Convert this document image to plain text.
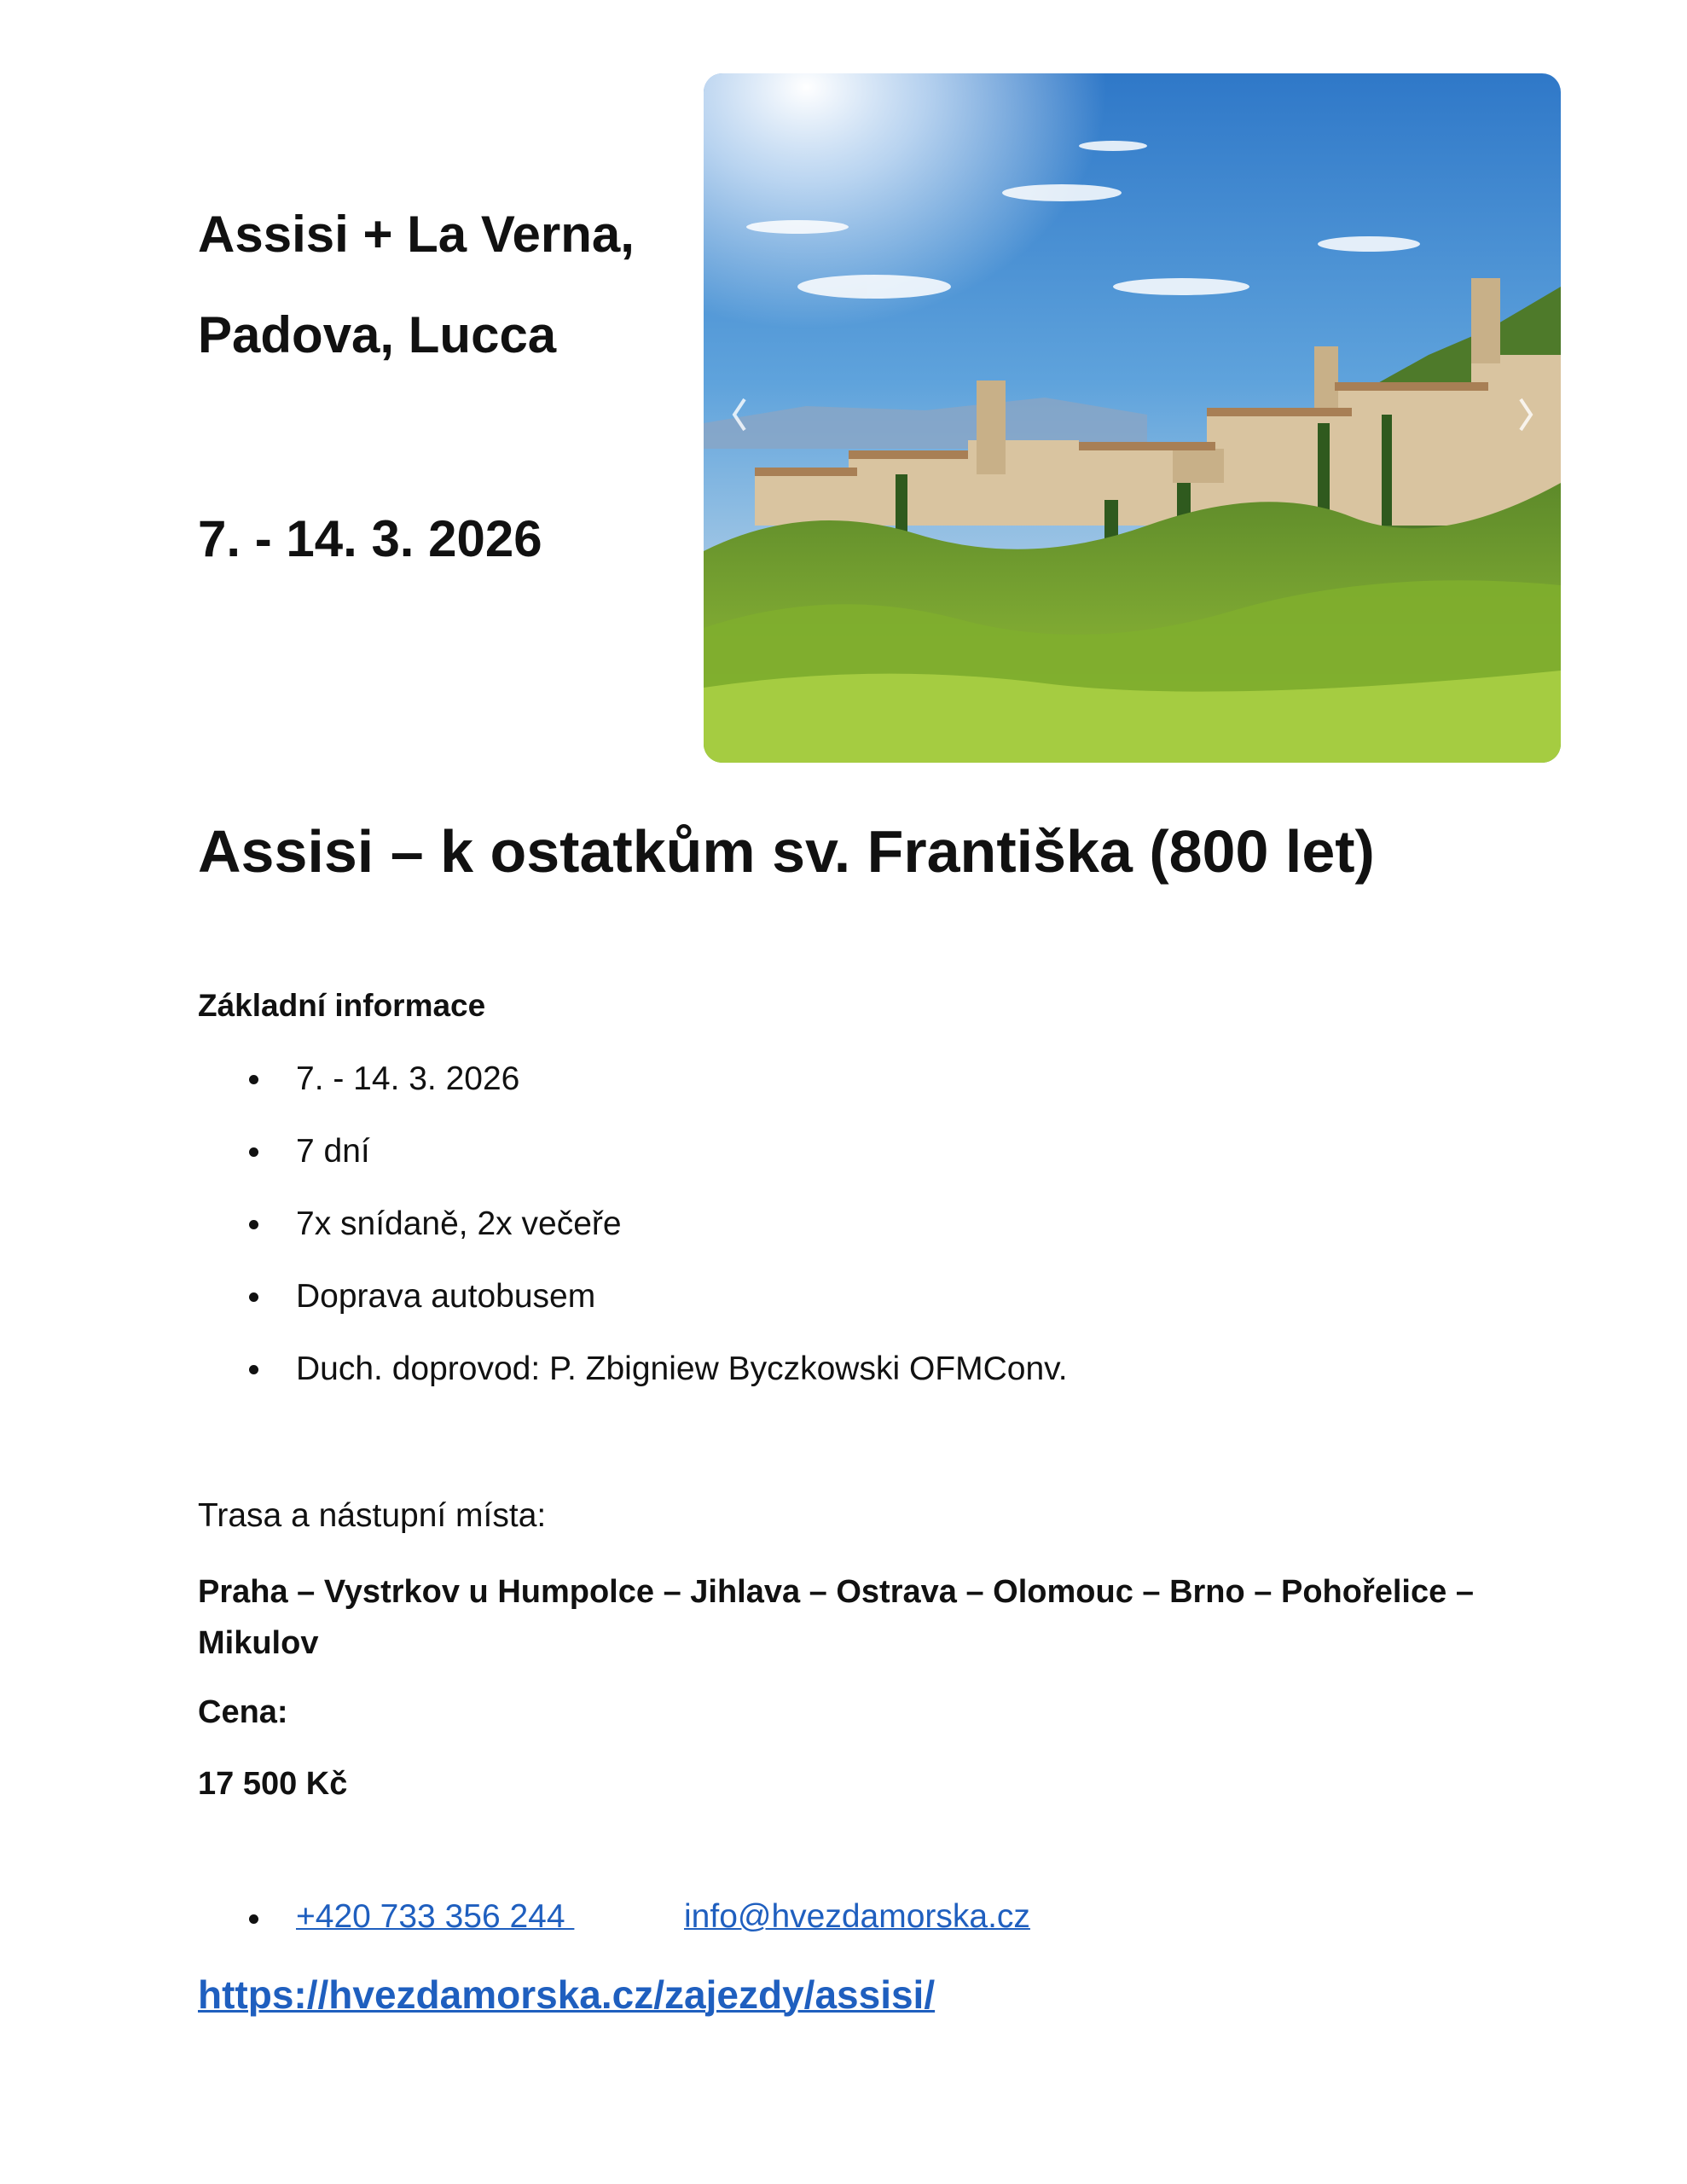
Assisi + La Verna,
Padova, Lucca
7. - 14. 3. 2026
Assisi – k ostatkům sv. Františka (800 let)
Základní informace
7. - 14. 3. 2026
7 dní
7x snídaně, 2x večeře
Doprava autobusem
Duch. doprovod: P. Zbigniew Byczkowski OFMConv.
Trasa a nástupní místa:
Praha – Vystrkov u Humpolce – Jihlava – Ostrava – Olomouc – Brno – Pohořelice – Mikulov
Cena:
17 500 Kč
+420 733 356 244	info@hvezdamorska.cz
https://hvezdamorska.cz/zajezdy/assisi/
